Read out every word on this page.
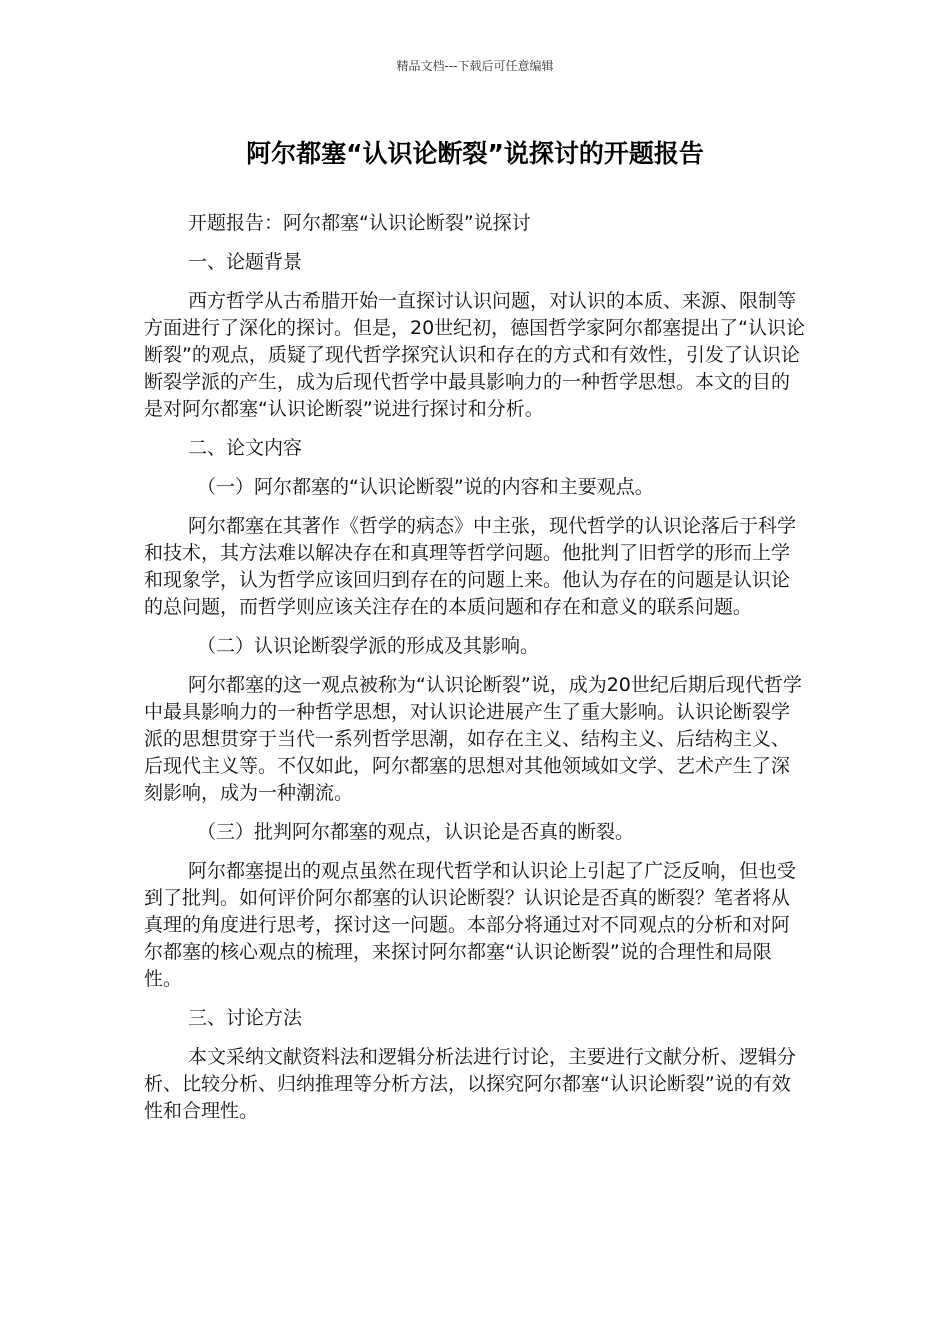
精品文档---下载后可任意编辑
阿尔都塞“认识论断裂”说探讨的开题报告

开题报告：阿尔都塞“认识论断裂”说探讨

一、论题背景

西方哲学从古希腊开始一直探讨认识问题，对认识的本质、来源、限制等方面进行了深化的探讨。但是，20世纪初，德国哲学家阿尔都塞提出了“认识论断裂”的观点，质疑了现代哲学探究认识和存在的方式和有效性，引发了认识论断裂学派的产生，成为后现代哲学中最具影响力的一种哲学思想。本文的目的是对阿尔都塞“认识论断裂”说进行探讨和分析。

二、论文内容

（一）阿尔都塞的“认识论断裂”说的内容和主要观点。

阿尔都塞在其著作《哲学的病态》中主张，现代哲学的认识论落后于科学和技术，其方法难以解决存在和真理等哲学问题。他批判了旧哲学的形而上学和现象学，认为哲学应该回归到存在的问题上来。他认为存在的问题是认识论的总问题，而哲学则应该关注存在的本质问题和存在和意义的联系问题。

（二）认识论断裂学派的形成及其影响。

阿尔都塞的这一观点被称为“认识论断裂”说，成为20世纪后期后现代哲学中最具影响力的一种哲学思想，对认识论进展产生了重大影响。认识论断裂学派的思想贯穿于当代一系列哲学思潮，如存在主义、结构主义、后结构主义、后现代主义等。不仅如此，阿尔都塞的思想对其他领域如文学、艺术产生了深刻影响，成为一种潮流。

（三）批判阿尔都塞的观点，认识论是否真的断裂。

阿尔都塞提出的观点虽然在现代哲学和认识论上引起了广泛反响，但也受到了批判。如何评价阿尔都塞的认识论断裂？认识论是否真的断裂？笔者将从真理的角度进行思考，探讨这一问题。本部分将通过对不同观点的分析和对阿尔都塞的核心观点的梳理，来探讨阿尔都塞“认识论断裂”说的合理性和局限性。

三、讨论方法

本文采纳文献资料法和逻辑分析法进行讨论，主要进行文献分析、逻辑分析、比较分析、归纳推理等分析方法，以探究阿尔都塞“认识论断裂”说的有效性和合理性。
